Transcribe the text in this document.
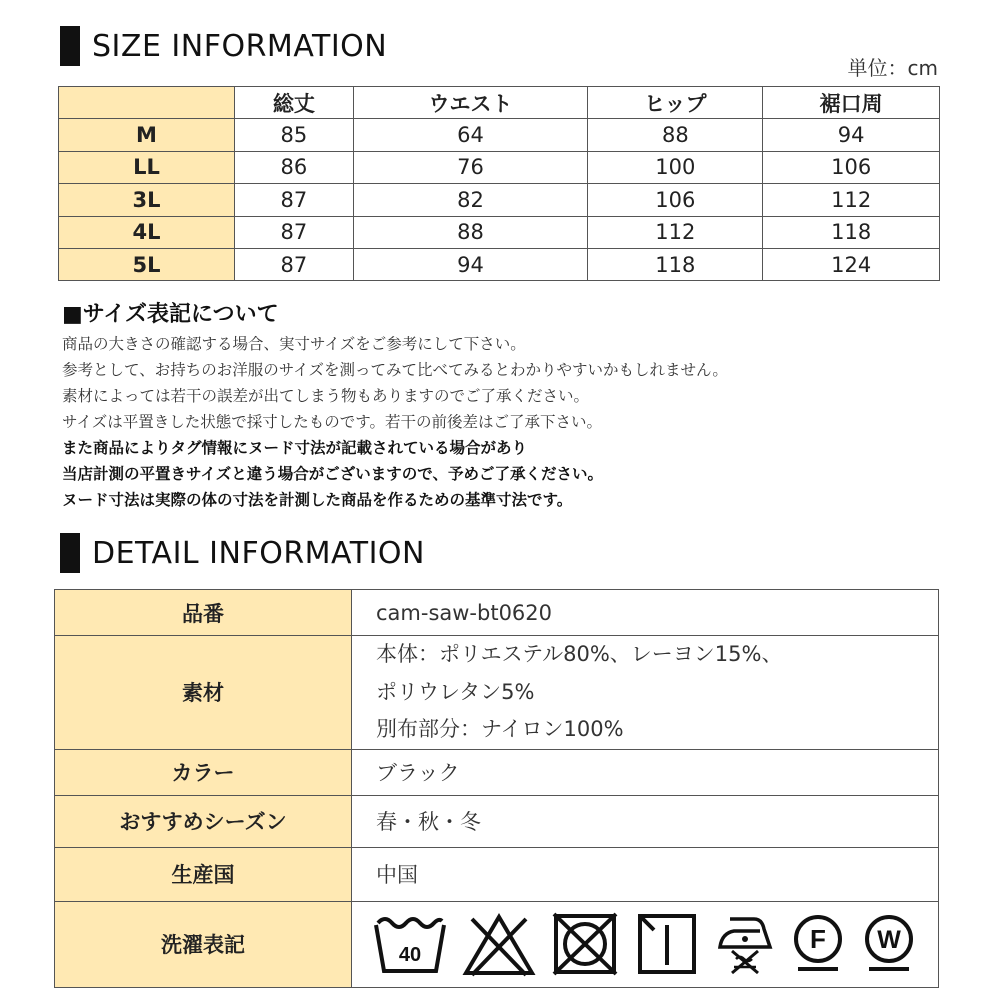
SIZE INFORMATION
単位：cm
	総丈	ウエスト	ヒップ	裾口周
M	85	64	88	94
LL	86	76	100	106
3L	87	82	106	112
4L	87	88	112	118
5L	87	94	118	124
■サイズ表記について
商品の大きさの確認する場合、実寸サイズをご参考にして下さい。
参考として、お持ちのお洋服のサイズを測ってみて比べてみるとわかりやすいかもしれません。
素材によっては若干の誤差が出てしまう物もありますのでご了承ください。
サイズは平置きした状態で採寸したものです。若干の前後差はご了承下さい。
また商品によりタグ情報にヌード寸法が記載されている場合があり
当店計測の平置きサイズと違う場合がございますので、予めご了承ください。
ヌード寸法は実際の体の寸法を計測した商品を作るための基準寸法です。
DETAIL INFORMATION
品番	cam-saw-bt0620
素材	本体：ポリエステル80%、レーヨン15%、
ポリウレタン5%
別布部分：ナイロン100%

カラー	ブラック
おすすめシーズン	春・秋・冬
生産国	中国
洗濯表記	40
F W
